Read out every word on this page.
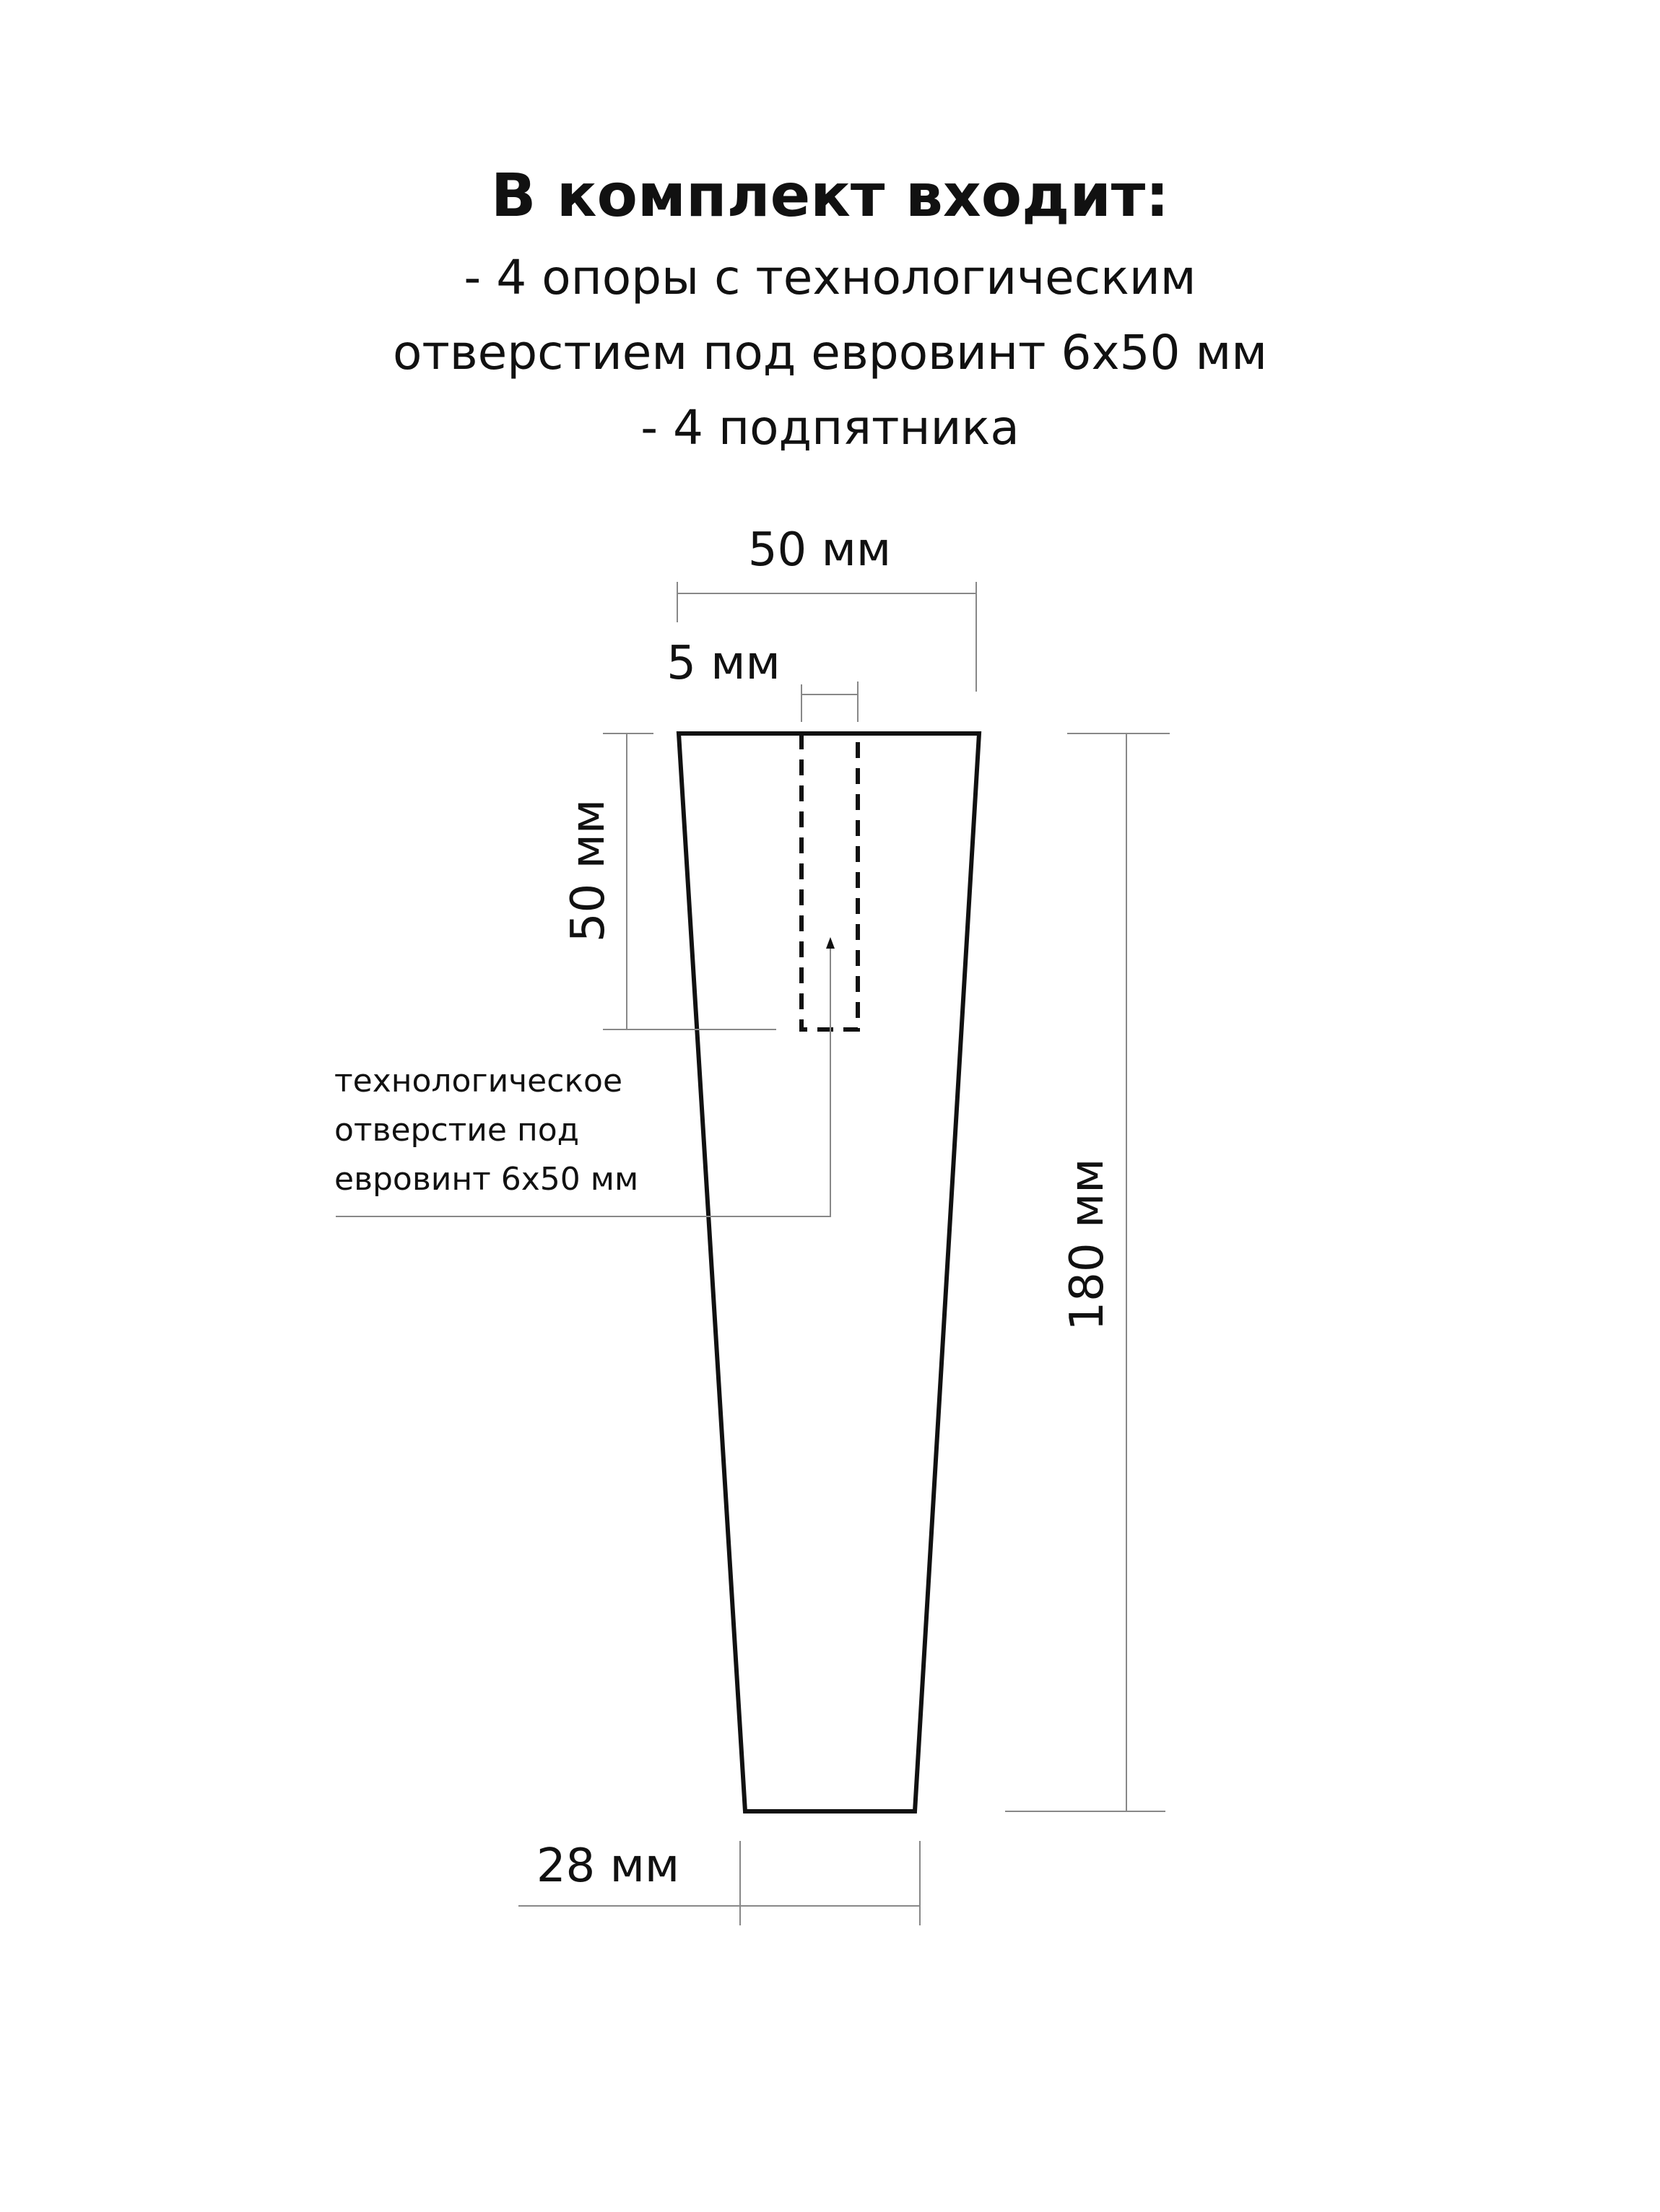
В комплект входит:

- 4 опоры с технологическим

отверстием под евровинт 6х50 мм

- 4 подпятника

50 мм
5 мм
50 мм
180 мм
28 мм
технологическое
отверстие под
евровинт 6х50 мм
